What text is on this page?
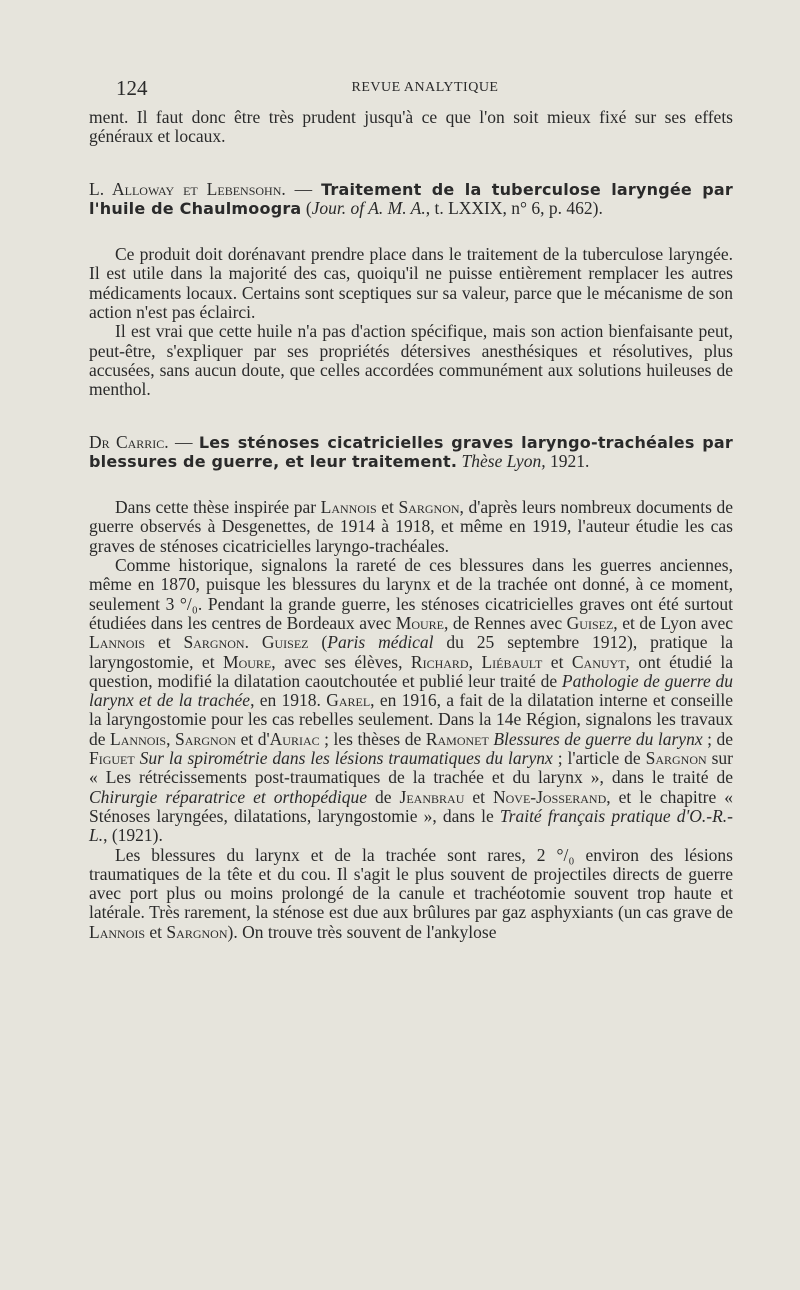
124	REVUE ANALYTIQUE

ment. Il faut donc être très prudent jusqu'à ce que l'on soit mieux fixé sur ses effets généraux et locaux.

L. Alloway et Lebensohn. — Traitement de la tuberculose laryngée par l'huile de Chaulmoogra (Jour. of A. M. A., t. LXXIX, n° 6, p. 462).

Ce produit doit dorénavant prendre place dans le traitement de la tuberculose laryngée. Il est utile dans la majorité des cas, quoiqu'il ne puisse entièrement remplacer les autres médicaments locaux. Certains sont sceptiques sur sa valeur, parce que le mécanisme de son action n'est pas éclairci.

Il est vrai que cette huile n'a pas d'action spécifique, mais son action bienfaisante peut, peut-être, s'expliquer par ses propriétés détersives anesthésiques et résolutives, plus accusées, sans aucun doute, que celles accordées communément aux solutions huileuses de menthol.

Dr Carric. — Les sténoses cicatricielles graves laryngo-trachéales par blessures de guerre, et leur traitement. Thèse Lyon, 1921.

Dans cette thèse inspirée par Lannois et Sargnon, d'après leurs nombreux documents de guerre observés à Desgenettes, de 1914 à 1918, et même en 1919, l'auteur étudie les cas graves de sténoses cicatricielles laryngo-trachéales.

Comme historique, signalons la rareté de ces blessures dans les guerres anciennes, même en 1870, puisque les blessures du larynx et de la trachée ont donné, à ce moment, seulement 3 °/₀. Pendant la grande guerre, les sténoses cicatricielles graves ont été surtout étudiées dans les centres de Bordeaux avec Moure, de Rennes avec Guisez, et de Lyon avec Lannois et Sargnon. Guisez (Paris médical du 25 septembre 1912), pratique la laryngostomie, et Moure, avec ses élèves, Richard, Liébault et Canuyt, ont étudié la question, modifié la dilatation caoutchoutée et publié leur traité de Pathologie de guerre du larynx et de la trachée, en 1918. Garel, en 1916, a fait de la dilatation interne et conseille la laryngostomie pour les cas rebelles seulement. Dans la 14e Région, signalons les travaux de Lannois, Sargnon et d'Auriac ; les thèses de Ramonet Blessures de guerre du larynx ; de Figuet Sur la spirométrie dans les lésions traumatiques du larynx ; l'article de Sargnon sur « Les rétrécissements post-traumatiques de la trachée et du larynx », dans le traité de Chirurgie réparatrice et orthopédique de Jeanbrau et Nove-Josserand, et le chapitre « Sténoses laryngées, dilatations, laryngostomie », dans le Traité français pratique d'O.-R.-L., (1921).

Les blessures du larynx et de la trachée sont rares, 2 °/₀ environ des lésions traumatiques de la tête et du cou. Il s'agit le plus souvent de projectiles directs de guerre avec port plus ou moins prolongé de la canule et trachéotomie souvent trop haute et latérale. Très rarement, la sténose est due aux brûlures par gaz asphyxiants (un cas grave de Lannois et Sargnon). On trouve très souvent de l'ankylose
